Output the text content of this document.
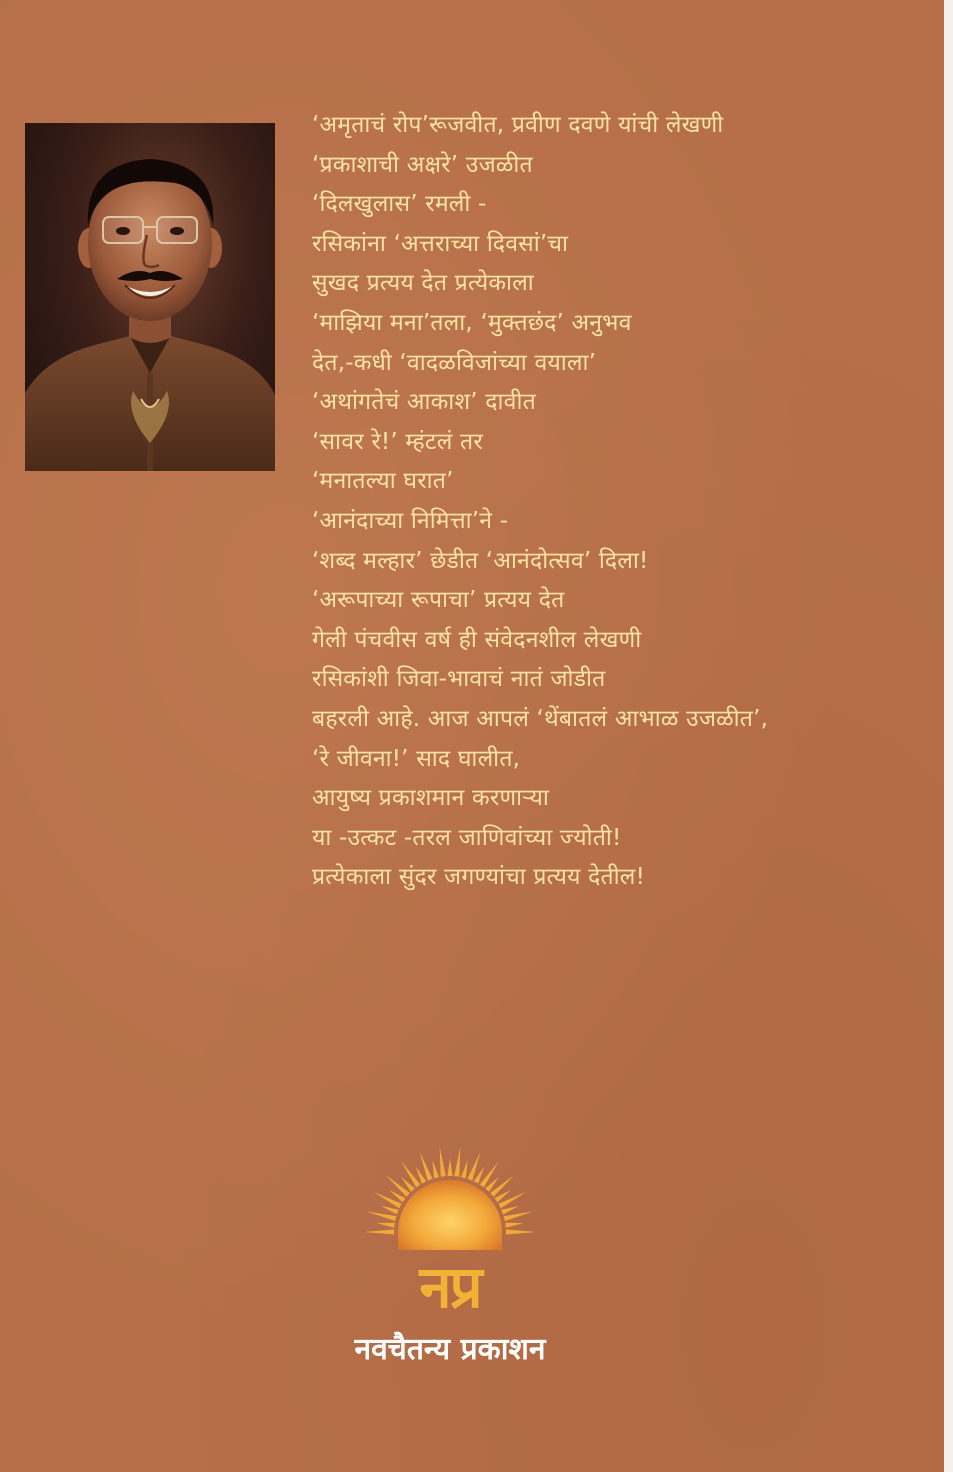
‘अमृताचं रोप’रूजवीत, प्रवीण दवणे यांची लेखणी
‘प्रकाशाची अक्षरे’ उजळीत
‘दिलखुलास’ रमली -
रसिकांना ‘अत्तराच्या दिवसां’चा
सुखद प्रत्यय देत प्रत्येकाला
‘माझिया मना’तला, ‘मुक्तछंद’ अनुभव
देत,-कधी ‘वादळविजांच्या वयाला’
‘अथांगतेचं आकाश’ दावीत
‘सावर रे!’ म्हंटलं तर
‘मनातल्या घरात’
‘आनंदाच्या निमित्ता’ने -
‘शब्द मल्हार’ छेडीत ‘आनंदोत्सव’ दिला!
‘अरूपाच्या रूपाचा’ प्रत्यय देत
गेली पंचवीस वर्ष ही संवेदनशील लेखणी
रसिकांशी जिवा-भावाचं नातं जोडीत
बहरली आहे. आज आपलं ‘थेंबातलं आभाळ उजळीत’,
‘रे जीवना!’ साद घालीत,
आयुष्य प्रकाशमान करणाऱ्या
या -उत्कट -तरल जाणिवांच्या ज्योती!
प्रत्येकाला सुंदर जगण्यांचा प्रत्यय देतील!
नप्र
नवचैतन्य प्रकाशन
